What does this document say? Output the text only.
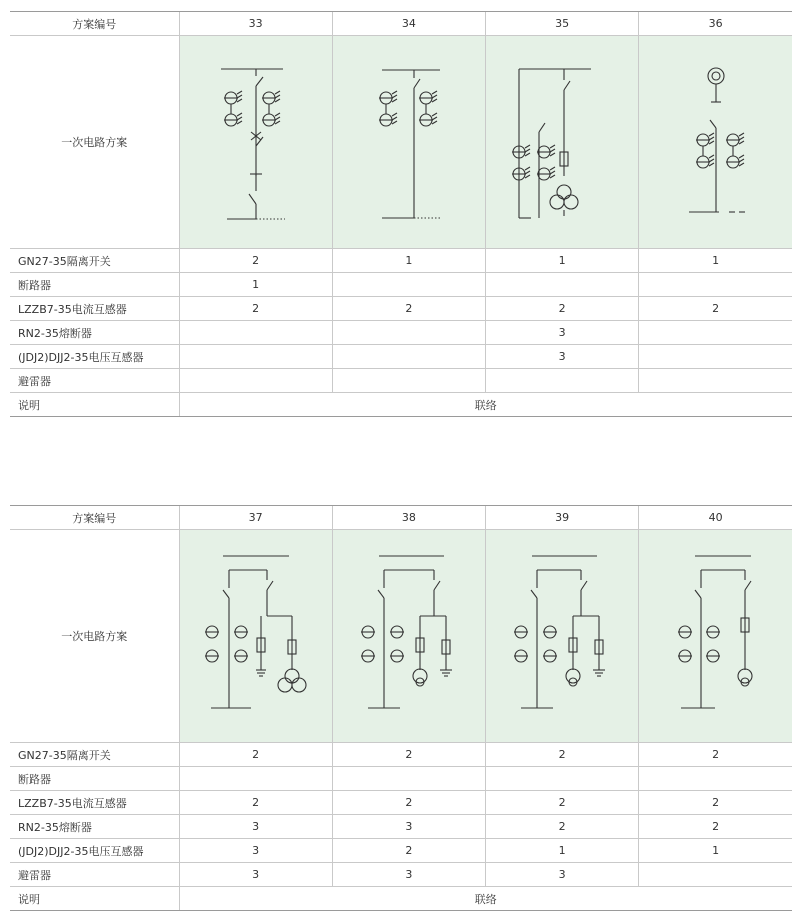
方案编号	33	34	35	36
一次电路方案	

GN27-35隔离开关	2	1	1	1
断路器	1			
LZZB7-35电流互感器	2	2	2	2
RN2-35熔断器			3	
(JDJ2)DJJ2-35电压互感器			3	
避雷器				
说明	联络			
方案编号	37	38	39	40
一次电路方案	

GN27-35隔离开关	2	2	2	2
断路器				
LZZB7-35电流互感器	2	2	2	2
RN2-35熔断器	3	3	2	2
(JDJ2)DJJ2-35电压互感器	3	2	1	1
避雷器	3	3	3	
说明	联络			
